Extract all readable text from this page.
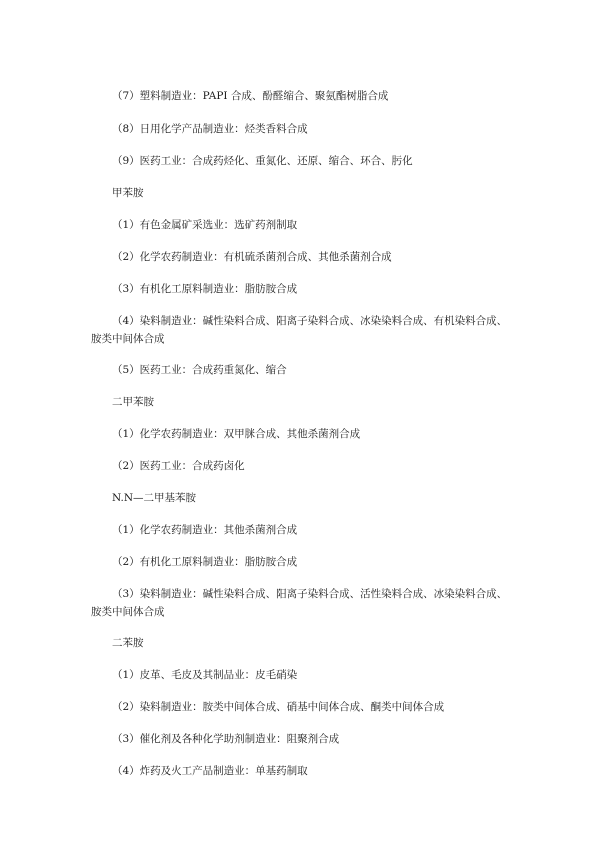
（7）塑料制造业：PAPI 合成、酚醛缩合、聚氨酯树脂合成
（8）日用化学产品制造业：烃类香料合成
（9）医药工业：合成药烃化、重氮化、还原、缩合、环合、肟化
甲苯胺
（1）有色金属矿采选业：选矿药剂制取
（2）化学农药制造业：有机硫杀菌剂合成、其他杀菌剂合成
（3）有机化工原料制造业：脂肪胺合成
（4）染料制造业：碱性染料合成、阳离子染料合成、冰染染料合成、有机染料合成、
胺类中间体合成
（5）医药工业：合成药重氮化、缩合
二甲苯胺
（1）化学农药制造业：双甲脒合成、其他杀菌剂合成
（2）医药工业：合成药卤化
N.N—二甲基苯胺
（1）化学农药制造业：其他杀菌剂合成
（2）有机化工原料制造业：脂肪胺合成
（3）染料制造业：碱性染料合成、阳离子染料合成、活性染料合成、冰染染料合成、
胺类中间体合成
二苯胺
（1）皮革、毛皮及其制品业：皮毛硝染
（2）染料制造业：胺类中间体合成、硝基中间体合成、酮类中间体合成
（3）催化剂及各种化学助剂制造业：阻聚剂合成
（4）炸药及火工产品制造业：单基药制取
